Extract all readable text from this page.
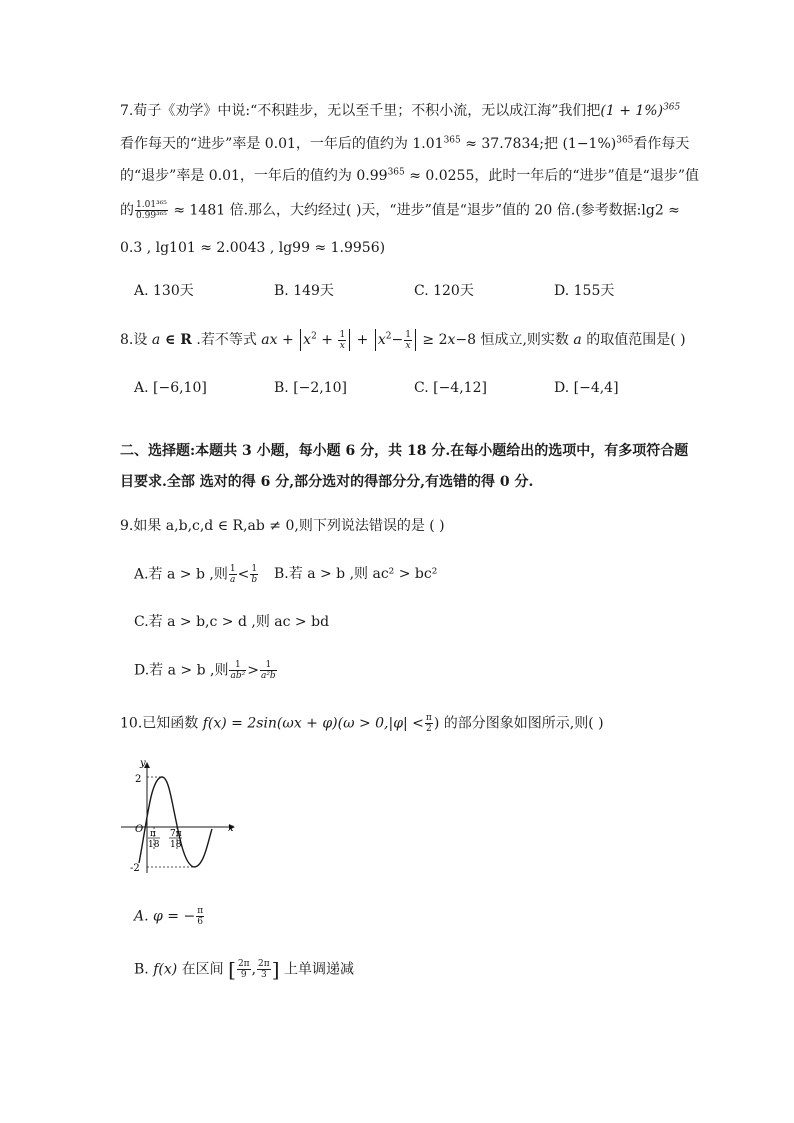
7.荀子《劝学》中说:“不积跬步，无以至千里；不积小流，无以成江海”我们把$(1 + 1\%)^{365}$
看作每天的“进步”率是 0.01，一年后的值约为 $1.01^{365} \approx 37.7834$;把 $(1-1\%)^{365}$看作每天
的“退步”率是 0.01，一年后的值约为 $0.99^{365} \approx 0.0255$，此时一年后的“进步”值是“退步”值
的 $\frac{\text{1.01³⁶⁵}}{\text{0.99³⁶⁵}} \approx 1481$ 倍.那么，大约经过( )天，“进步”值是“退步”值的 20 倍.(参考数据:lg2 ≈
0.3 , lg101 ≈ 2.0043 , lg99 ≈ 1.9956)
A. 130天	B. 149天	C. 120天	D. 155天
8.设 a ∈ R .若不等式 ax + $x^2 + \frac{1}{x} + x^2- \frac{1}{x} \ge 2x-8$ 恒成立,则实数 a 的取值范围是( )
A. [−6,10]	B. [−2,10]	C. [−4,12]	D. [−4,4]
二、选择题:本题共 3 小题，每小题 6 分，共 18 分.在每小题给出的选项中，有多项符合题
目要求.全部 选对的得 6 分,部分选对的得部分分,有选错的得 0 分.
9.如果 a,b,c,d ∈ R,ab ≠ 0,则下列说法错误的是 ( )
A.若 a > b ,则 $\frac{1}{a} < \frac{1}{b} B$.若 a > b ,则 ac² > bc²
C.若 a > b,c > d ,则 ac > bd
D.若 a > b ,则 $\frac{1}{\text{ab²}} > \frac{1}{\text{a²b}}$
10.已知函数 $f(x) = 2\sin(\omega x + \varphi)(\omega > 0,|\varphi| < \frac{\pi}{2}$ ) 的部分图象如图所示,则( )
y
x
O
2
-2
π
18
7π
18
A. φ = − $\frac{\pi}{6}$
B. f(x) 在区间 [ $\frac{2\pi}{9}$ , $\frac{2\pi}{3}$ ] 上单调递减
